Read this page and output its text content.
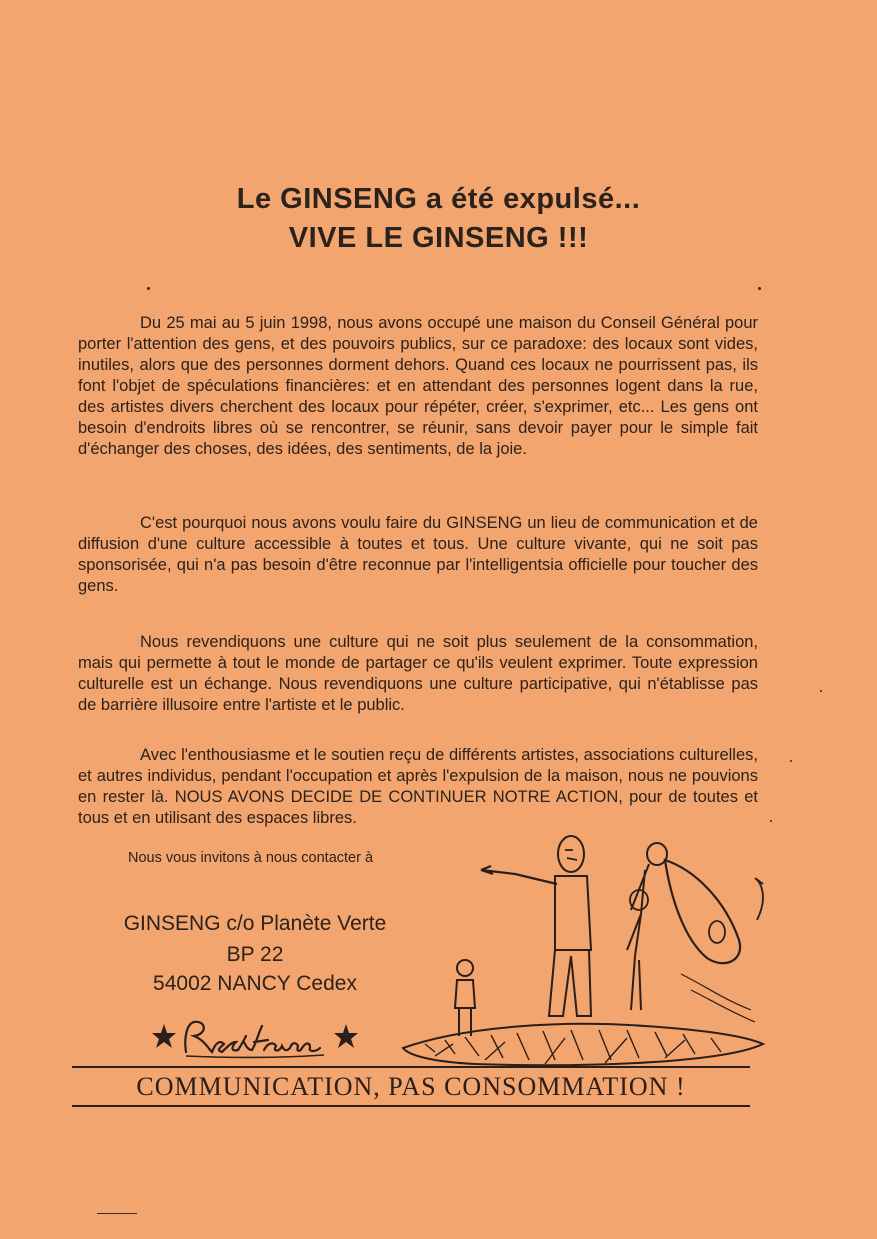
Le GINSENG a été expulsé...
VIVE LE GINSENG !!!

Du 25 mai au 5 juin 1998, nous avons occupé une maison du Conseil Général pour porter l'attention des gens, et des pouvoirs publics, sur ce paradoxe: des locaux sont vides, inutiles, alors que des personnes dorment dehors. Quand ces locaux ne pourrissent pas, ils font l'objet de spéculations financières: et en attendant des personnes logent dans la rue, des artistes divers cherchent des locaux pour répéter, créer, s'exprimer, etc... Les gens ont besoin d'endroits libres où se rencontrer, se réunir, sans devoir payer pour le simple fait d'échanger des choses, des idées, des sentiments, de la joie.

C'est pourquoi nous avons voulu faire du GINSENG un lieu de communication et de diffusion d'une culture accessible à toutes et tous. Une culture vivante, qui ne soit pas sponsorisée, qui n'a pas besoin d'être reconnue par l'intelligentsia officielle pour toucher des gens.

Nous revendiquons une culture qui ne soit plus seulement de la consommation, mais qui permette à tout le monde de partager ce qu'ils veulent exprimer. Toute expression culturelle est un échange. Nous revendiquons une culture participative, qui n'établisse pas de barrière illusoire entre l'artiste et le public.

Avec l'enthousiasme et le soutien reçu de différents artistes, associations culturelles, et autres individus, pendant l'occupation et après l'expulsion de la maison, nous ne pouvions en rester là. NOUS AVONS DECIDE DE CONTINUER NOTRE ACTION, pour de toutes et tous et en utilisant des espaces libres.

Nous vous invitons à nous contacter à
GINSENG c/o Planète Verte
BP 22
54002 NANCY Cedex
COMMUNICATION, PAS CONSOMMATION !
